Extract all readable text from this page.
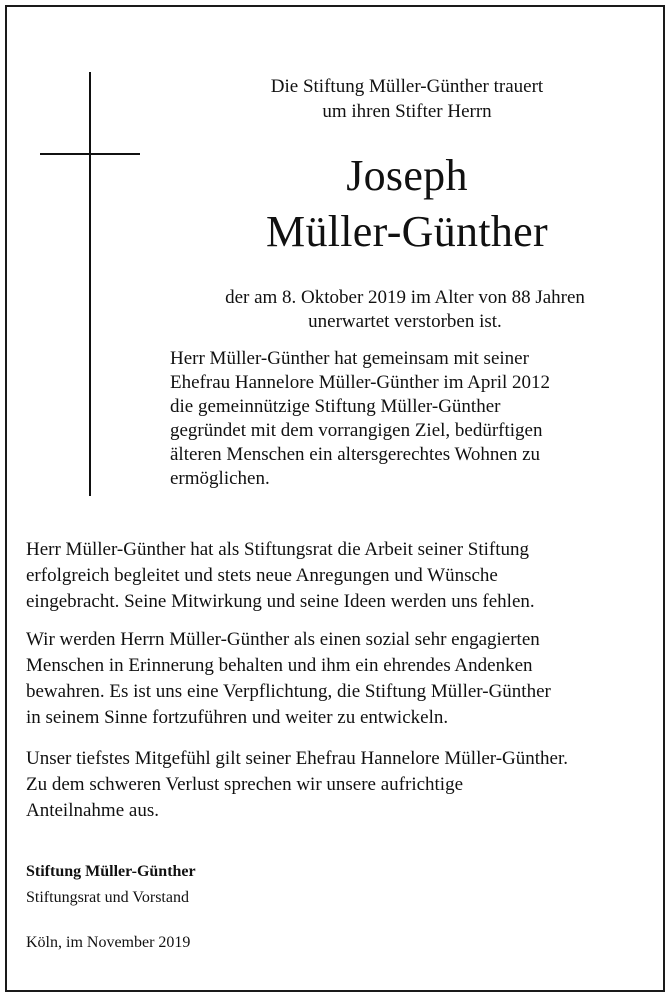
Die Stiftung Müller-Günther trauert
um ihren Stifter Herrn
Joseph
Müller-Günther
der am 8. Oktober 2019 im Alter von 88 Jahren
unerwartet verstorben ist.
Herr Müller-Günther hat gemeinsam mit seiner
Ehefrau Hannelore Müller-Günther im April 2012
die gemeinnützige Stiftung Müller-Günther
gegründet mit dem vorrangigen Ziel, bedürftigen
älteren Menschen ein altersgerechtes Wohnen zu
ermöglichen.
Herr Müller-Günther hat als Stiftungsrat die Arbeit seiner Stiftung
erfolgreich begleitet und stets neue Anregungen und Wünsche
eingebracht. Seine Mitwirkung und seine Ideen werden uns fehlen.
Wir werden Herrn Müller-Günther als einen sozial sehr engagierten
Menschen in Erinnerung behalten und ihm ein ehrendes Andenken
bewahren. Es ist uns eine Verpflichtung, die Stiftung Müller-Günther
in seinem Sinne fortzuführen und weiter zu entwickeln.
Unser tiefstes Mitgefühl gilt seiner Ehefrau Hannelore Müller-Günther.
Zu dem schweren Verlust sprechen wir unsere aufrichtige
Anteilnahme aus.
Stiftung Müller-Günther
Stiftungsrat und Vorstand
Köln, im November 2019
